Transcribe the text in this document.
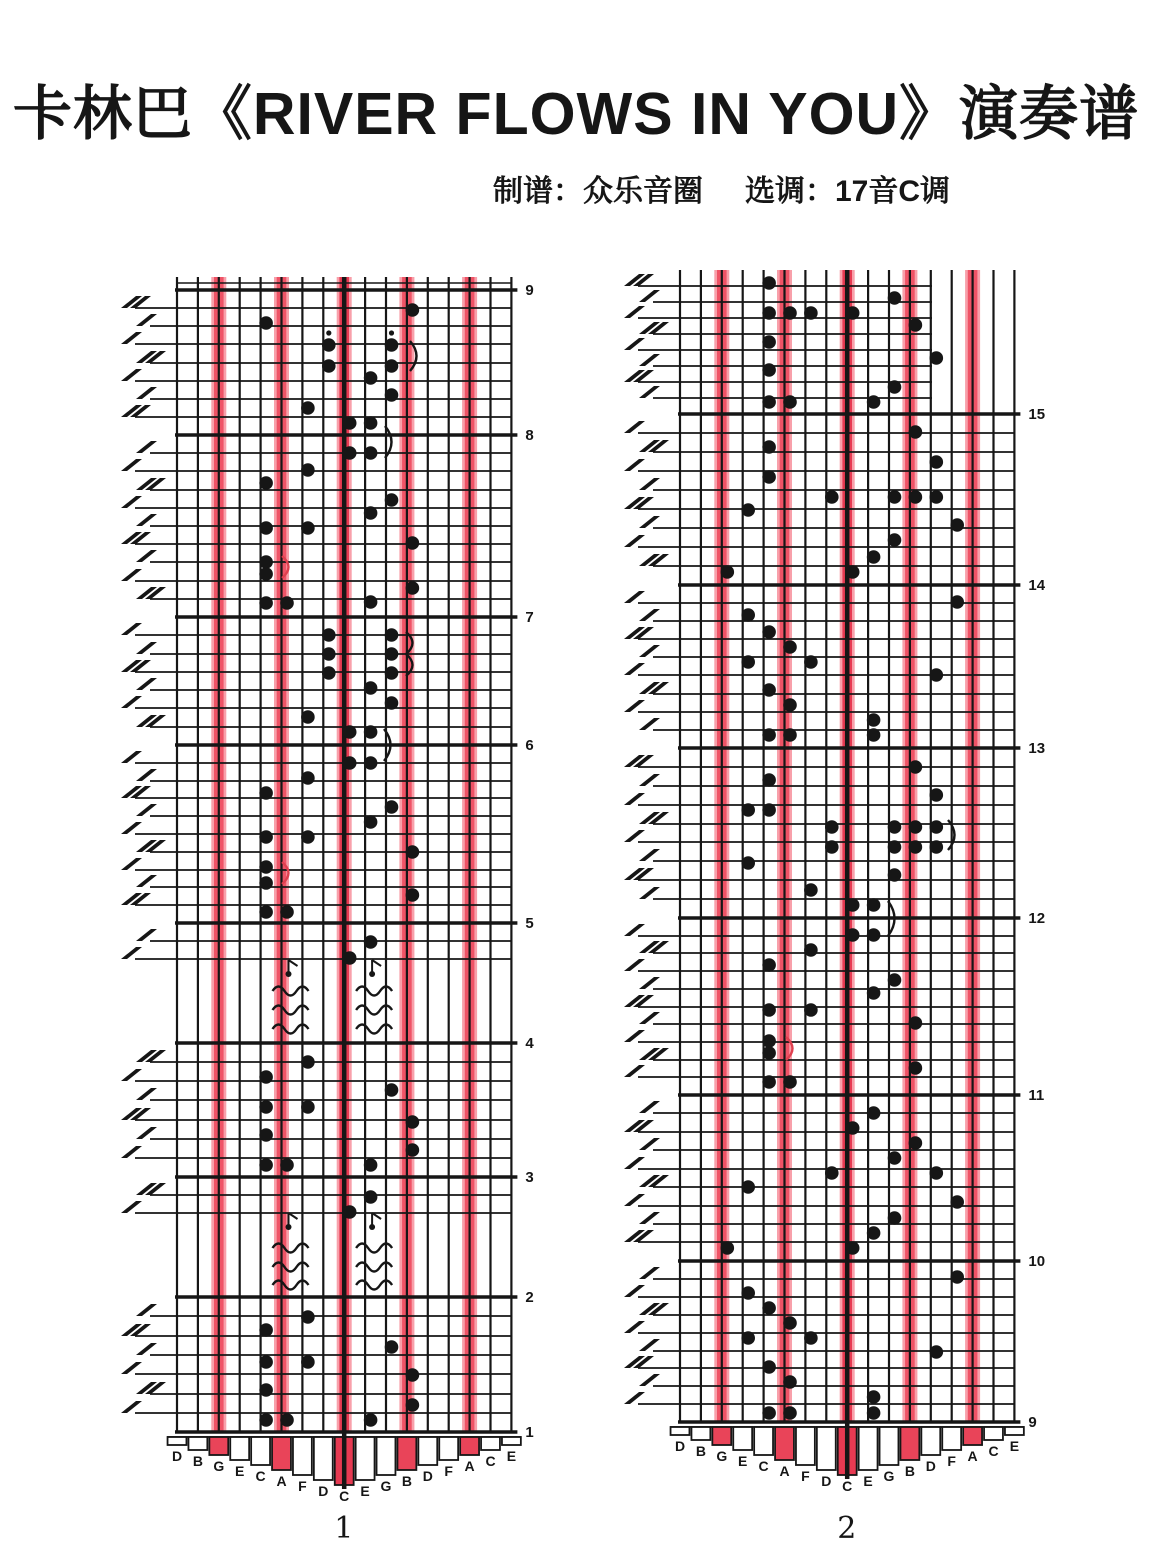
卡林巴《RIVER FLOWS IN YOU》演奏谱
制谱：众乐音圈 选调：17音C调
9
8
7
6
5
4
3
2
1
D B G E C A F D C E G B D F A C E
1
15
14
13
12
11
10
9
D B G E C A F D C E G B D F A C E
2
